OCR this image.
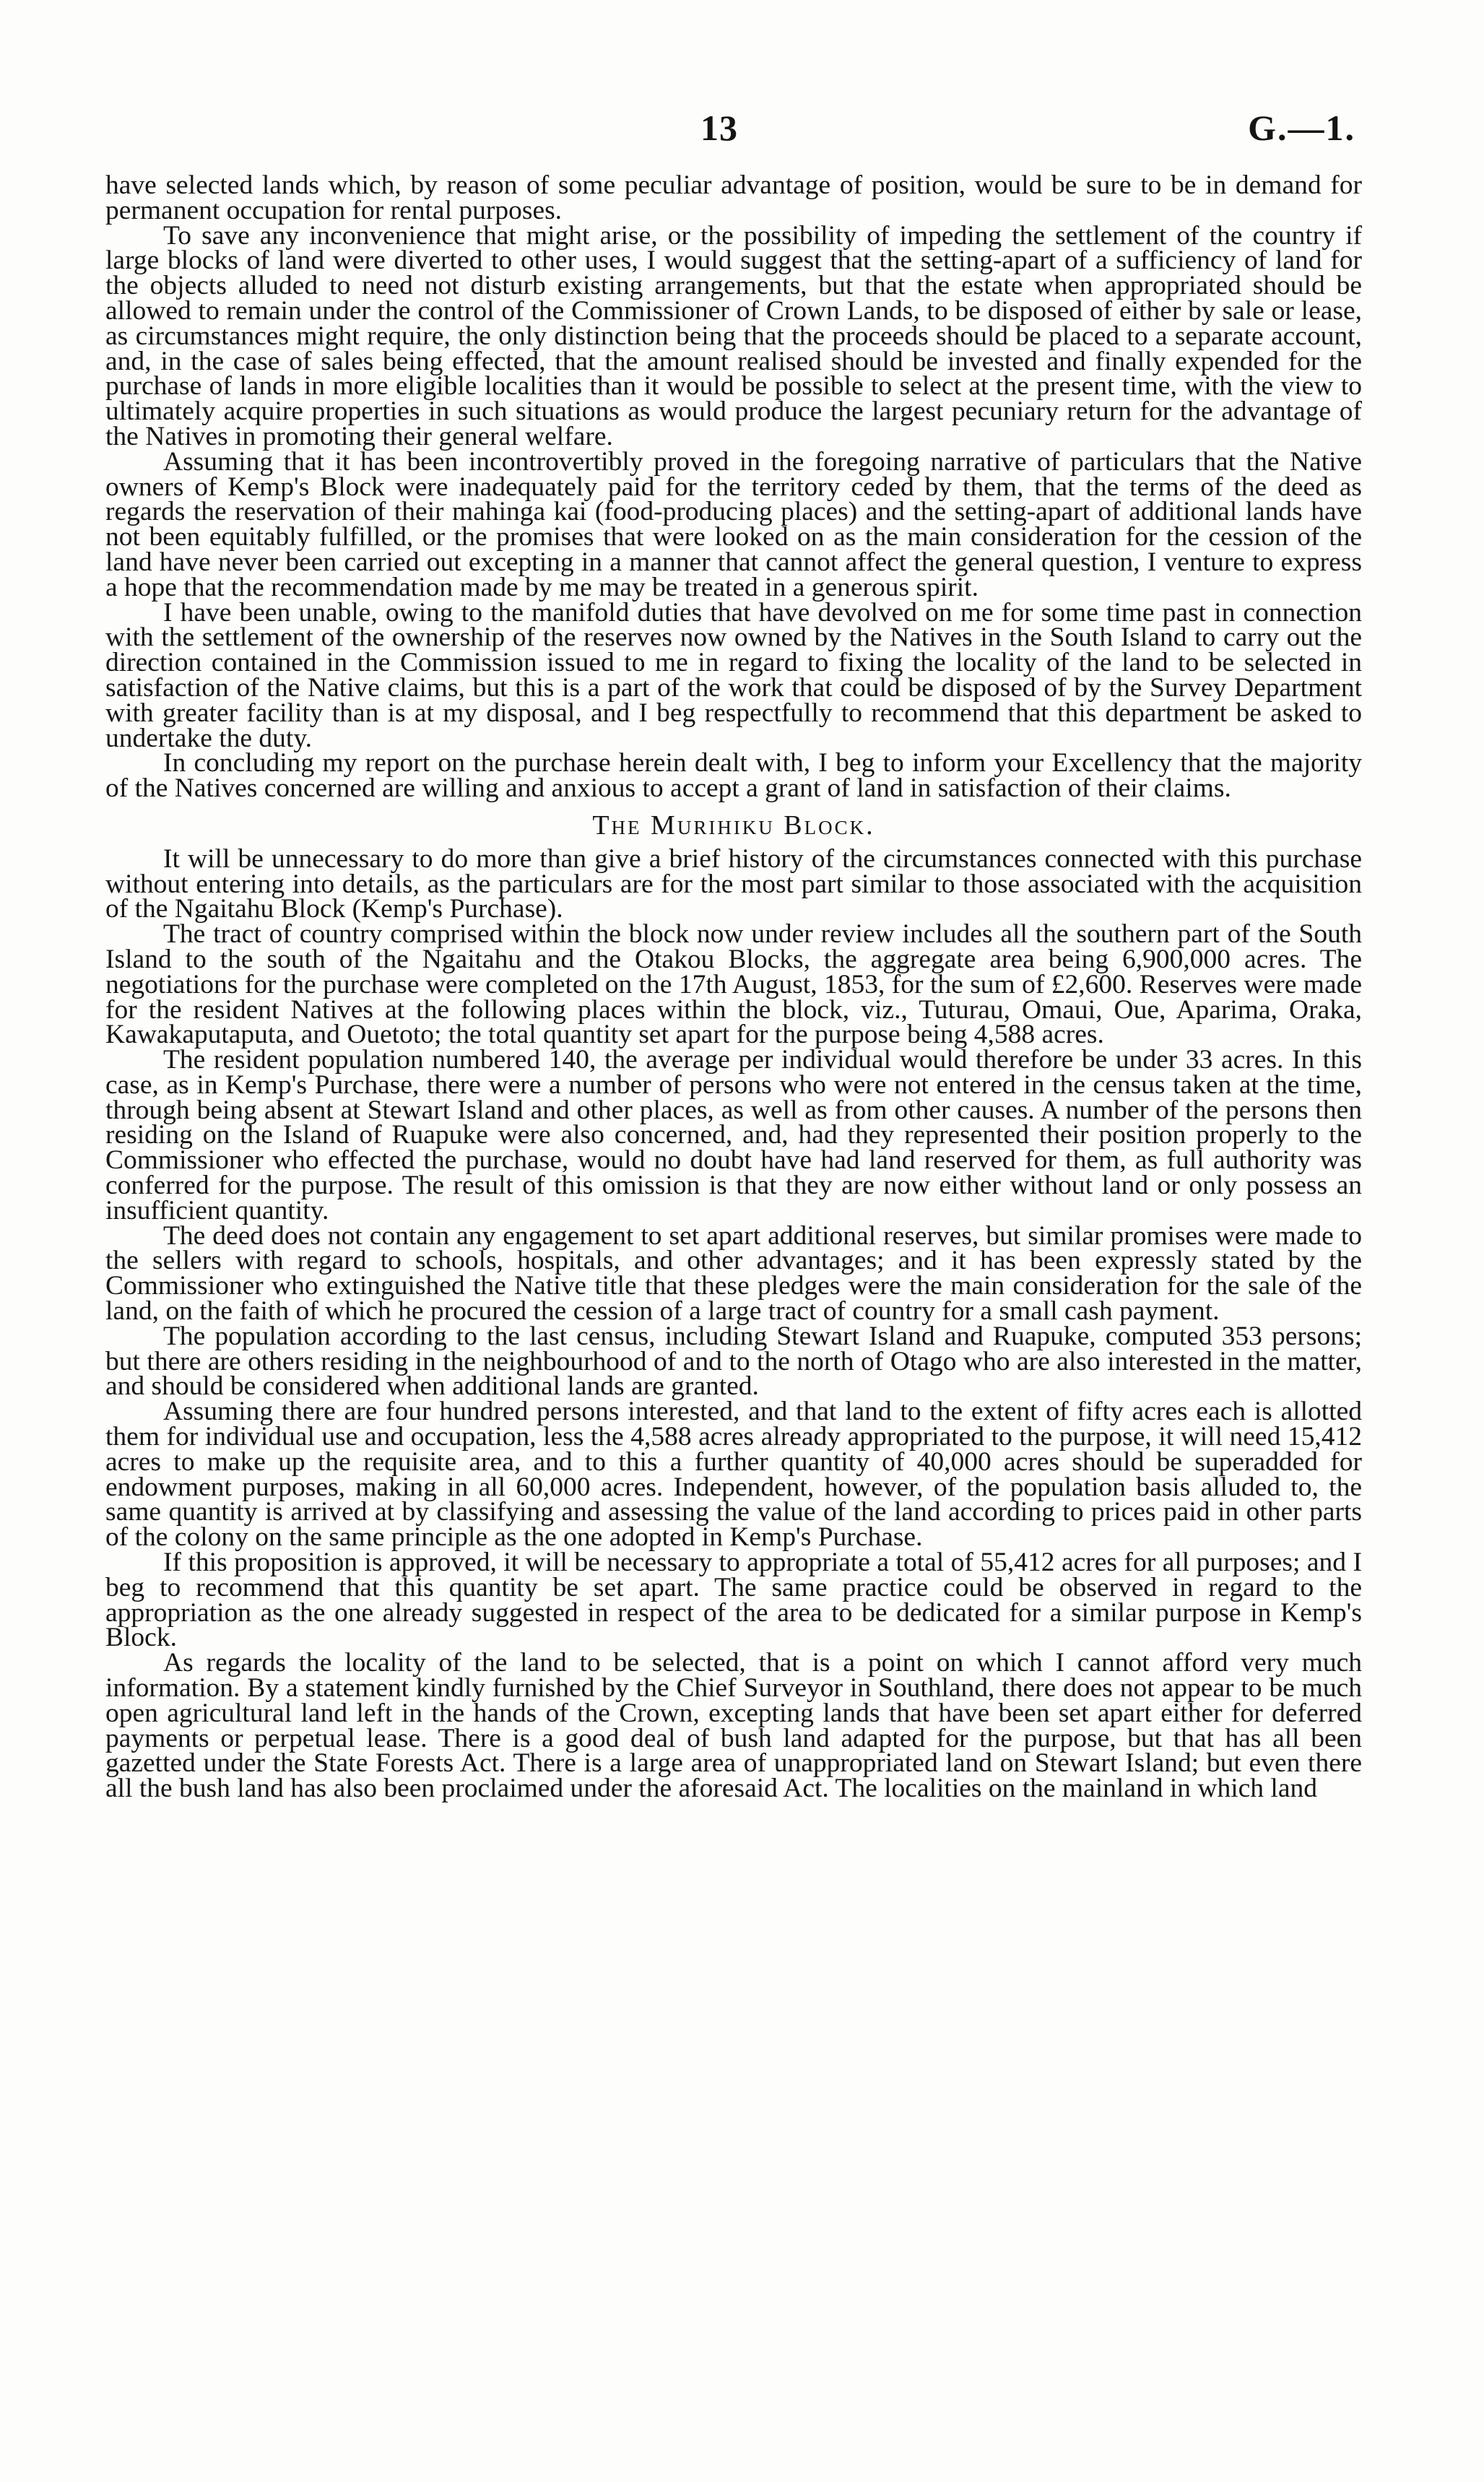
13	G.—1.

have selected lands which, by reason of some peculiar advantage of position, would be sure to be in demand for permanent occupation for rental purposes.

To save any inconvenience that might arise, or the possibility of impeding the settlement of the country if large blocks of land were diverted to other uses, I would suggest that the setting-apart of a sufficiency of land for the objects alluded to need not disturb existing arrangements, but that the estate when appropriated should be allowed to remain under the control of the Commissioner of Crown Lands, to be disposed of either by sale or lease, as circumstances might require, the only distinction being that the proceeds should be placed to a separate account, and, in the case of sales being effected, that the amount realised should be invested and finally expended for the purchase of lands in more eligible localities than it would be possible to select at the present time, with the view to ultimately acquire properties in such situations as would produce the largest pecuniary return for the advantage of the Natives in promoting their general welfare.

Assuming that it has been incontrovertibly proved in the foregoing narrative of particulars that the Native owners of Kemp's Block were inadequately paid for the territory ceded by them, that the terms of the deed as regards the reservation of their mahinga kai (food-producing places) and the setting-apart of additional lands have not been equitably fulfilled, or the promises that were looked on as the main consideration for the cession of the land have never been carried out excepting in a manner that cannot affect the general question, I venture to express a hope that the recommendation made by me may be treated in a generous spirit.

I have been unable, owing to the manifold duties that have devolved on me for some time past in connection with the settlement of the ownership of the reserves now owned by the Natives in the South Island to carry out the direction contained in the Commission issued to me in regard to fixing the locality of the land to be selected in satisfaction of the Native claims, but this is a part of the work that could be disposed of by the Survey Department with greater facility than is at my disposal, and I beg respectfully to recommend that this department be asked to undertake the duty.

In concluding my report on the purchase herein dealt with, I beg to inform your Excellency that the majority of the Natives concerned are willing and anxious to accept a grant of land in satisfaction of their claims.

The Murihiku Block.

It will be unnecessary to do more than give a brief history of the circumstances connected with this purchase without entering into details, as the particulars are for the most part similar to those associated with the acquisition of the Ngaitahu Block (Kemp's Purchase).

The tract of country comprised within the block now under review includes all the southern part of the South Island to the south of the Ngaitahu and the Otakou Blocks, the aggregate area being 6,900,000 acres. The negotiations for the purchase were completed on the 17th August, 1853, for the sum of £2,600. Reserves were made for the resident Natives at the following places within the block, viz., Tuturau, Omaui, Oue, Aparima, Oraka, Kawakaputaputa, and Ouetoto; the total quantity set apart for the purpose being 4,588 acres.

The resident population numbered 140, the average per individual would therefore be under 33 acres. In this case, as in Kemp's Purchase, there were a number of persons who were not entered in the census taken at the time, through being absent at Stewart Island and other places, as well as from other causes. A number of the persons then residing on the Island of Ruapuke were also concerned, and, had they represented their position properly to the Commissioner who effected the purchase, would no doubt have had land reserved for them, as full authority was conferred for the purpose. The result of this omission is that they are now either without land or only possess an insufficient quantity.

The deed does not contain any engagement to set apart additional reserves, but similar promises were made to the sellers with regard to schools, hospitals, and other advantages; and it has been expressly stated by the Commissioner who extinguished the Native title that these pledges were the main consideration for the sale of the land, on the faith of which he procured the cession of a large tract of country for a small cash payment.

The population according to the last census, including Stewart Island and Ruapuke, computed 353 persons; but there are others residing in the neighbourhood of and to the north of Otago who are also interested in the matter, and should be considered when additional lands are granted.

Assuming there are four hundred persons interested, and that land to the extent of fifty acres each is allotted them for individual use and occupation, less the 4,588 acres already appropriated to the purpose, it will need 15,412 acres to make up the requisite area, and to this a further quantity of 40,000 acres should be superadded for endowment purposes, making in all 60,000 acres. Independent, however, of the population basis alluded to, the same quantity is arrived at by classifying and assessing the value of the land according to prices paid in other parts of the colony on the same principle as the one adopted in Kemp's Purchase.

If this proposition is approved, it will be necessary to appropriate a total of 55,412 acres for all purposes; and I beg to recommend that this quantity be set apart. The same practice could be observed in regard to the appropriation as the one already suggested in respect of the area to be dedicated for a similar purpose in Kemp's Block.

As regards the locality of the land to be selected, that is a point on which I cannot afford very much information. By a statement kindly furnished by the Chief Surveyor in Southland, there does not appear to be much open agricultural land left in the hands of the Crown, excepting lands that have been set apart either for deferred payments or perpetual lease. There is a good deal of bush land adapted for the purpose, but that has all been gazetted under the State Forests Act. There is a large area of unappropriated land on Stewart Island; but even there all the bush land has also been proclaimed under the aforesaid Act. The localities on the mainland in which land
